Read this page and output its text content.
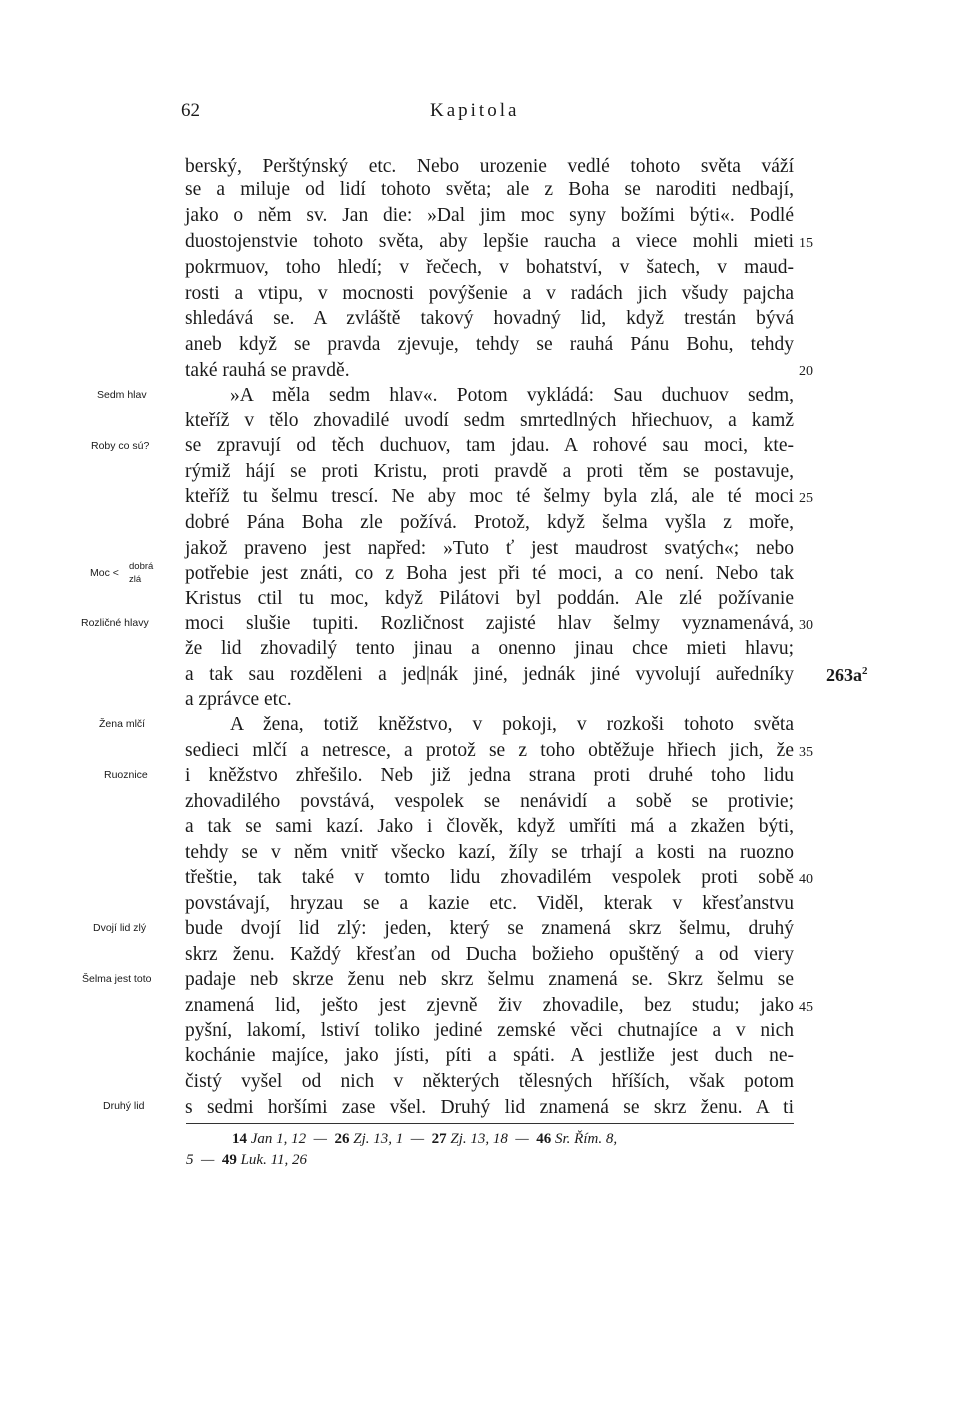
62	Kapitola
berský, Perštýnský etc. Nebo urozenie vedlé tohoto světa váží
se a miluje od lidí tohoto světa; ale z Boha se naroditi nedbají,
jako o něm sv. Jan die: »Dal jim moc syny božími býti«. Podlé
duostojenstvie tohoto světa, aby lepšie raucha a viece mohli mieti
pokrmuov, toho hledí; v řečech, v bohatství, v šatech, v maud-
rosti a vtipu, v mocnosti povýšenie a v radách jich všudy pajcha
shledává se. A zvláště takový hovadný lid, když trestán bývá
aneb když se pravda zjevuje, tehdy se rauhá Pánu Bohu, tehdy
také rauhá se pravdě.
»A měla sedm hlav«. Potom vykládá: Sau duchuov sedm,
kteříž v tělo zhovadilé uvodí sedm smrtedlných hřiechuov, a kamž
se zpravují od těch duchuov, tam jdau. A rohové sau moci, kte-
rýmiž hájí se proti Kristu, proti pravdě a proti těm se postavuje,
kteříž tu šelmu trescí. Ne aby moc té šelmy byla zlá, ale té moci
dobré Pána Boha zle požívá. Protož, když šelma vyšla z moře,
jakož praveno jest napřed: »Tuto ť jest maudrost svatých«; nebo
potřebie jest znáti, co z Boha jest při té moci, a co není. Nebo tak
Kristus ctil tu moc, když Pilátovi byl poddán. Ale zlé požívanie
moci slušie tupiti. Rozličnost zajisté hlav šelmy vyznamenává,
že lid zhovadilý tento jinau a onenno jinau chce mieti hlavu;
a tak sau rozděleni a jed|nák jiné, jednák jiné vyvolují auředníky
a zprávce etc.
A žena, totiž kněžstvo, v pokoji, v rozkoši tohoto světa
sedieci mlčí a netresce, a protož se z toho obtěžuje hřiech jich, že
i kněžstvo zhřešilo. Neb již jedna strana proti druhé toho lidu
zhovadilého povstává, vespolek se nenávidí a sobě se protivie;
a tak se sami kazí. Jako i člověk, když umříti má a zkažen býti,
tehdy se v něm vnitř všecko kazí, žíly se trhají a kosti na ruozno
třeštie, tak také v tomto lidu zhovadilém vespolek proti sobě
povstávají, hryzau se a kazie etc. Viděl, kterak v křesťanstvu
bude dvojí lid zlý: jeden, který se znamená skrz šelmu, druhý
skrz ženu. Každý křesťan od Ducha božieho opuštěný a od viery
padaje neb skrze ženu neb skrz šelmu znamená se. Skrz šelmu se
znamená lid, ješto jest zjevně živ zhovadile, bez studu; jako
pyšní, lakomí, lstiví toliko jediné zemské věci chutnajíce a v nich
kochánie majíce, jako jísti, píti a spáti. A jestliže jest duch ne-
čistý vyšel od nich v některých tělesných hříších, však potom
s sedmi horšími zase všel. Druhý lid znamená se skrz ženu. A ti
15
20
25
30
35
40
45
Sedm hlav
Roby co sú?
Moc <
dobrá
zlá
Rozličné hlavy
Žena mlčí
Ruoznice
Dvojí lid zlý
Šelma jest toto
Druhý lid
$263a^2$
14 Jan 1, 12 — 26 Zj. 13, 1 — 27 Zj. 13, 18 — 46 Sr. Řím. 8,
5 — 49 Luk. 11, 26
